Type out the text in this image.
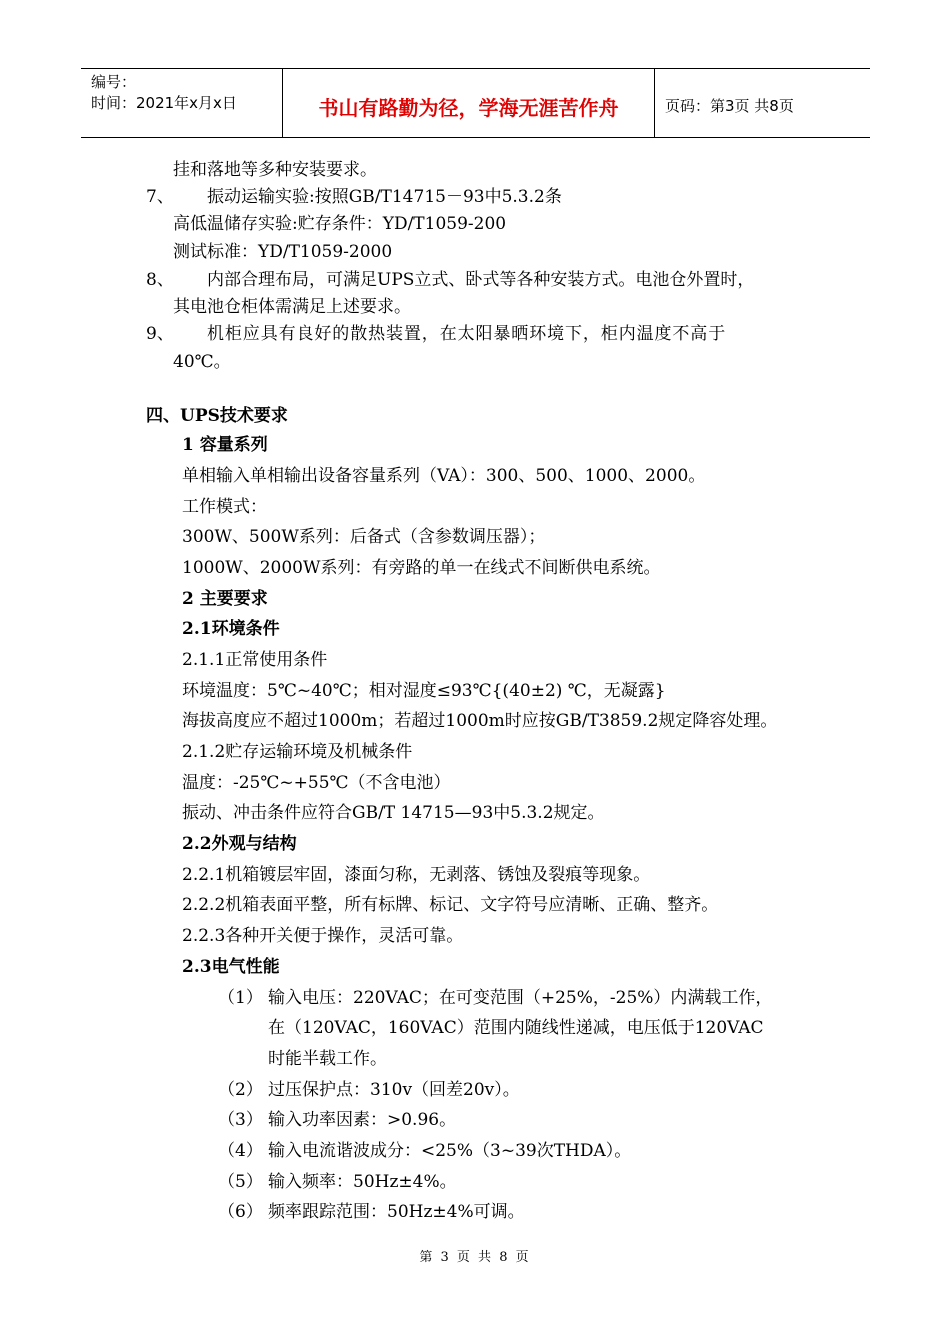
编号：
时间：2021年x月x日	书山有路勤为径，学海无涯苦作舟	页码：第3页 共8页
挂和落地等多种安装要求。
7、 振动运输实验:按照GB/T14715－93中5.3.2条
高低温储存实验:贮存条件：YD/T1059-200
测试标准：YD/T1059-2000
8、 内部合理布局，可满足UPS立式、卧式等各种安装方式。电池仓外置时，
其电池仓柜体需满足上述要求。
9、 机柜应具有良好的散热装置，在太阳暴晒环境下，柜内温度不高于
40℃。
四、UPS技术要求
1 容量系列
单相输入单相输出设备容量系列（VA）：300、500、1000、2000。
工作模式：
300W、500W系列：后备式（含参数调压器）；
1000W、2000W系列：有旁路的单一在线式不间断供电系统。
2 主要要求
2.1环境条件
2.1.1正常使用条件
环境温度：5℃~40℃；相对湿度≤93℃{(40±2) ℃，无凝露}
海拔高度应不超过1000m；若超过1000m时应按GB/T3859.2规定降容处理。
2.1.2贮存运输环境及机械条件
温度：-25℃~+55℃（不含电池）
振动、冲击条件应符合GB/T 14715—93中5.3.2规定。
2.2外观与结构
2.2.1机箱镀层牢固，漆面匀称，无剥落、锈蚀及裂痕等现象。
2.2.2机箱表面平整，所有标牌、标记、文字符号应清晰、正确、整齐。
2.2.3各种开关便于操作，灵活可靠。
2.3电气性能
（1） 输入电压：220VAC；在可变范围（+25%，-25%）内满载工作，
在（120VAC，160VAC）范围内随线性递减，电压低于120VAC
时能半载工作。
（2） 过压保护点：310v（回差20v）。
（3） 输入功率因素：>0.96。
（4） 输入电流谐波成分：<25%（3~39次THDA）。
（5） 输入频率：50Hz±4%。
（6） 频率跟踪范围：50Hz±4%可调。
第 3 页 共 8 页
